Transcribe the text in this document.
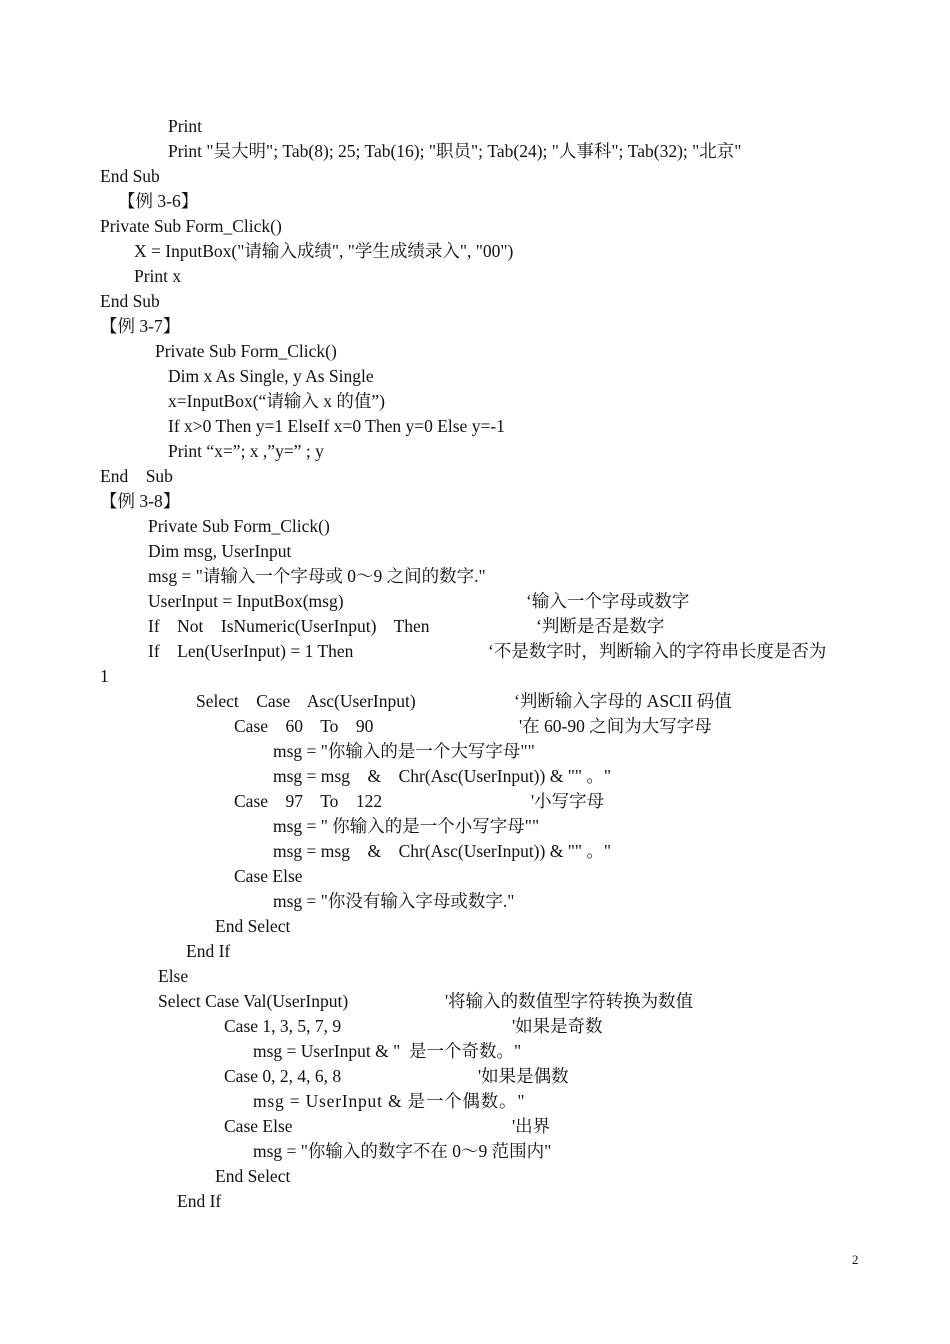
Print
Print "吴大明"; Tab(8); 25; Tab(16); "职员"; Tab(24); "人事科"; Tab(32); "北京"
End Sub
【例 3-6】
Private Sub Form_Click()
X = InputBox("请输入成绩", "学生成绩录入", "00")
Print x
End Sub
【例 3-7】
Private Sub Form_Click()
Dim x As Single, y As Single
x=InputBox(“请输入 x 的值”)
If x>0 Then y=1 ElseIf x=0 Then y=0 Else y=-1
Print “x=”; x ,”y=” ; y
End    Sub
【例 3-8】
Private Sub Form_Click()
Dim msg, UserInput
msg = "请输入一个字母或 0～9 之间的数字."
UserInput = InputBox(msg)	‘输入一个字母或数字
If    Not    IsNumeric(UserInput)    Then	‘判断是否是数字
If    Len(UserInput) = 1 Then	‘不是数字时，判断输入的字符串长度是否为
1
Select    Case    Asc(UserInput)	‘判断输入字母的 ASCII 码值
Case    60    To    90	'在 60-90 之间为大写字母
msg = "你输入的是一个大写字母""
msg = msg    &    Chr(Asc(UserInput)) & "" 。"
Case    97    To    122	'小写字母
msg = " 你输入的是一个小写字母""
msg = msg    &    Chr(Asc(UserInput)) & "" 。"
Case Else
msg = "你没有输入字母或数字."
End Select
End If
Else
Select Case Val(UserInput)	'将输入的数值型字符转换为数值
Case 1, 3, 5, 7, 9	'如果是奇数
msg = UserInput & "  是一个奇数。"
Case 0, 2, 4, 6, 8	'如果是偶数
msg = UserInput & 是一个偶数。"
Case Else	'出界
msg = "你输入的数字不在 0～9 范围内"
End Select
End If
2
